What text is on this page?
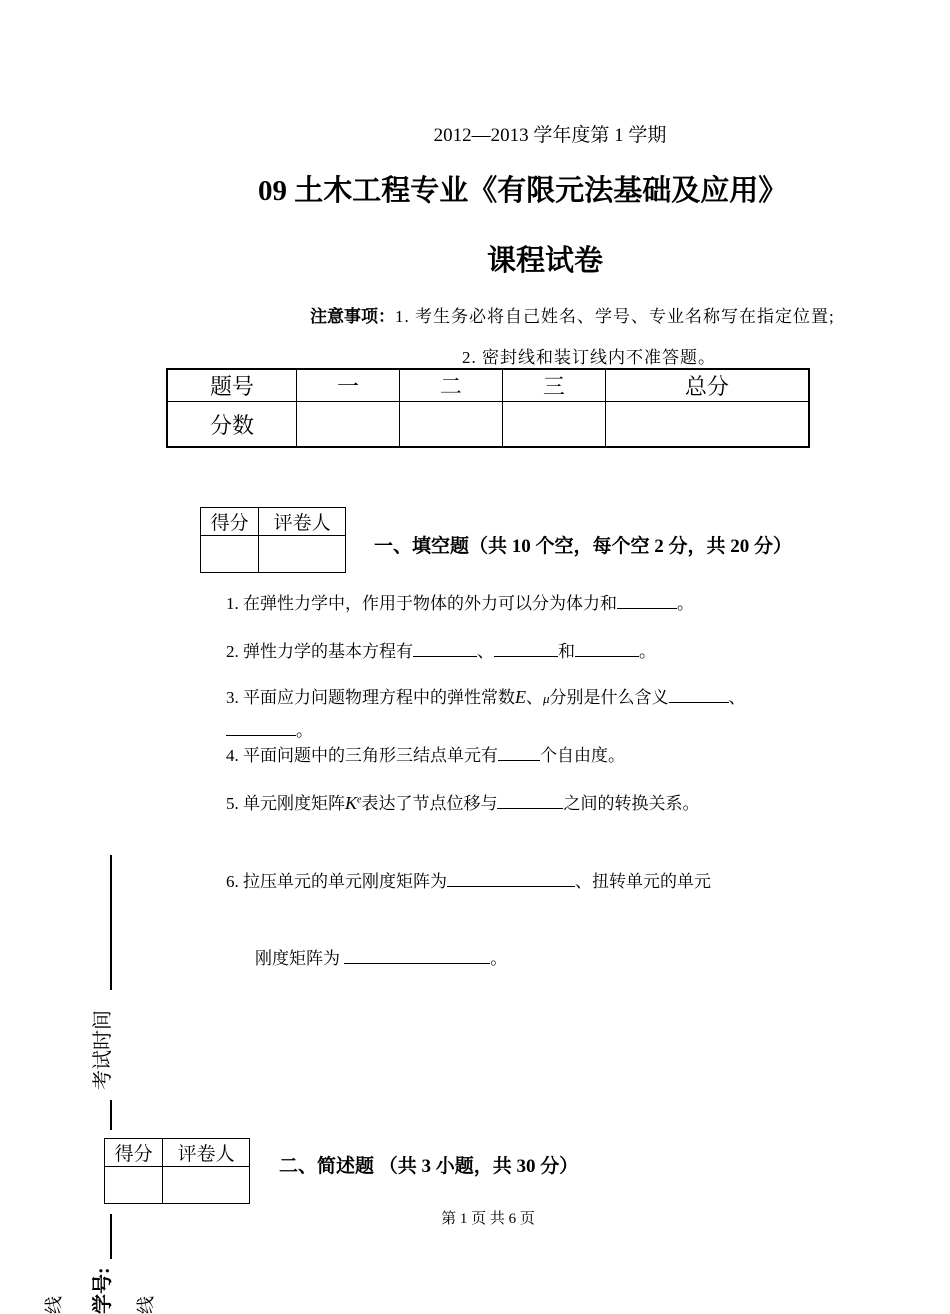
2012—2013 学年度第 1 学期
09 土木工程专业《有限元法基础及应用》
课程试卷
注意事项：1. 考生务必将自己姓名、学号、专业名称写在指定位置;
2. 密封线和装订线内不准答题。
题号	一	二	三	总分
分数				
得分	评卷人

一、填空题（共 10 个空，每个空 2 分，共 20 分）
1. 在弹性力学中，作用于物体的外力可以分为体力和	。
2. 弹性力学的基本方程有	、	和	。
3. 平面应力问题物理方程中的弹性常数E、μ分别是什么含义	、
。
4. 平面问题中的三角形三结点单元有 个自由度。
5. 单元刚度矩阵$K^e$表达了节点位移与	之间的转换关系。
6. 拉压单元的单元刚度矩阵为	、扭转单元的单元
刚度矩阵为	。
得分	评卷人

二、简述题 （共 3 小题，共 30 分）
第 1 页 共 6 页
考试时间
学号:
线	线
